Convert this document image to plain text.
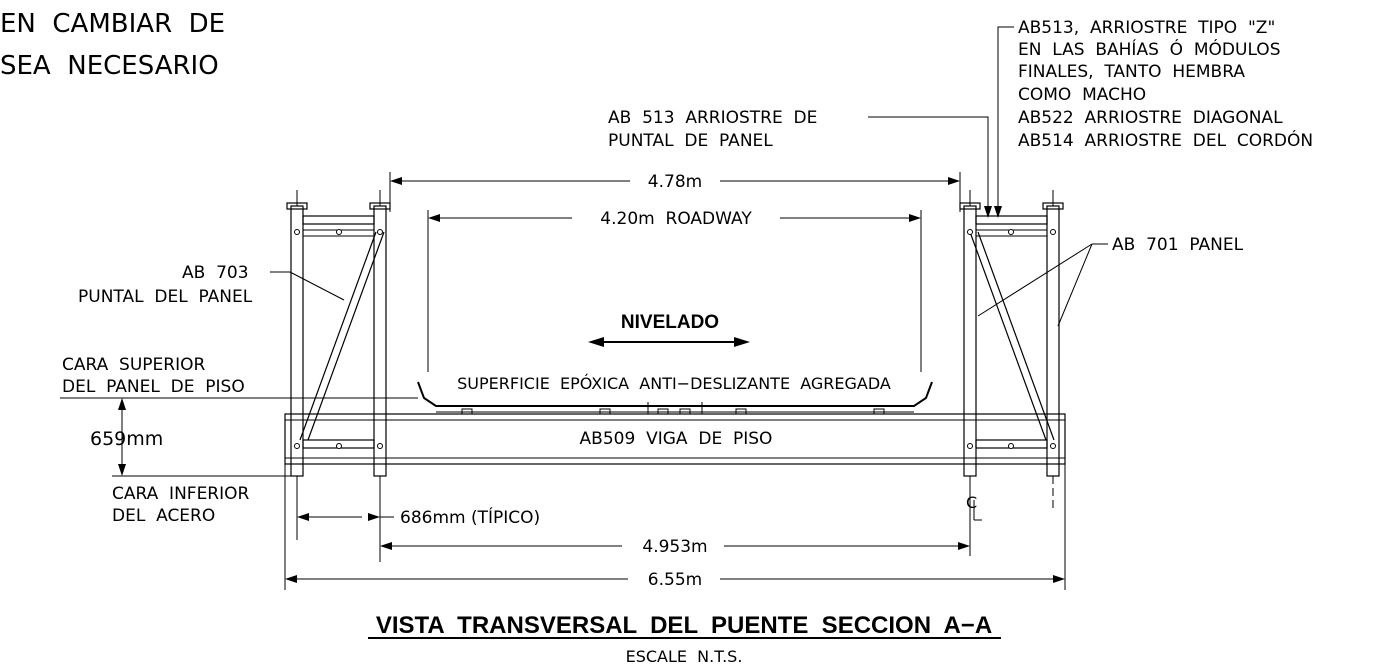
EN  CAMBIAR  DE
SEA  NECESARIO
AB513,  ARRIOSTRE  TIPO  "Z"
EN  LAS  BAHÍAS  Ó  MÓDULOS
FINALES,  TANTO  HEMBRA
COMO  MACHO
AB522  ARRIOSTRE  DIAGONAL
AB514  ARRIOSTRE  DEL  CORDÓN
AB  513  ARRIOSTRE  DE
PUNTAL  DE  PANEL
AB  701  PANEL
AB  703
PUNTAL  DEL  PANEL
4.78m
4.20m  ROADWAY
AB509  VIGA  DE  PISO
SUPERFICIE  EPÓXICA  ANTI−DESLIZANTE  AGREGADA
NIVELADO
CARA  SUPERIOR
DEL  PANEL  DE  PISO
659mm
CARA  INFERIOR
DEL  ACERO	686mm (TÍPICO)
4.953m
6.55m
C
VISTA  TRANSVERSAL  DEL  PUENTE  SECCION  A−A
ESCALE  N.T.S.
